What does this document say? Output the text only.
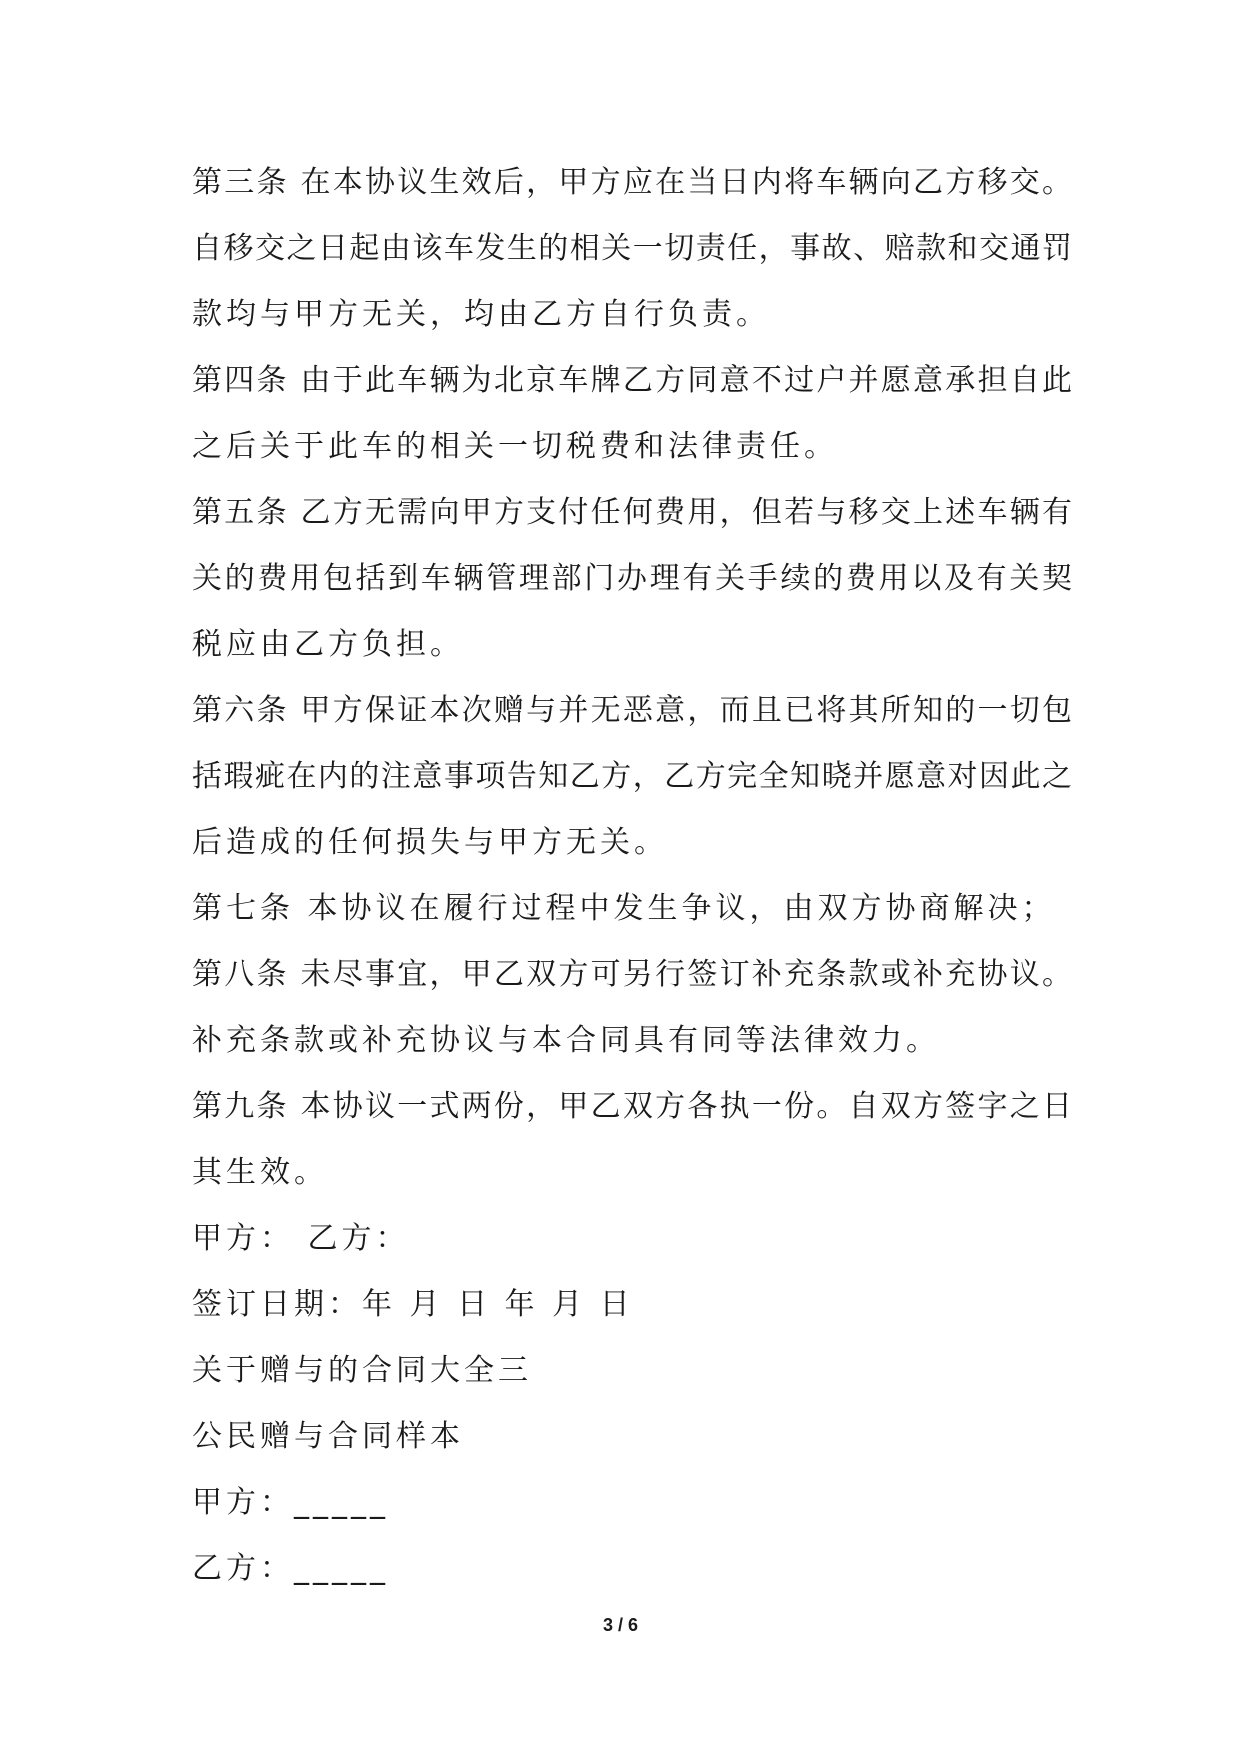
第三条 在本协议生效后，甲方应在当日内将车辆向乙方移交。
自移交之日起由该车发生的相关一切责任，事故、赔款和交通罚
款均与甲方无关，均由乙方自行负责。
第四条 由于此车辆为北京车牌乙方同意不过户并愿意承担自此
之后关于此车的相关一切税费和法律责任。
第五条 乙方无需向甲方支付任何费用，但若与移交上述车辆有
关的费用包括到车辆管理部门办理有关手续的费用以及有关契
税应由乙方负担。
第六条 甲方保证本次赠与并无恶意，而且已将其所知的一切包
括瑕疵在内的注意事项告知乙方，乙方完全知晓并愿意对因此之
后造成的任何损失与甲方无关。
第七条 本协议在履行过程中发生争议，由双方协商解决；
第八条 未尽事宜，甲乙双方可另行签订补充条款或补充协议。
补充条款或补充协议与本合同具有同等法律效力。
第九条 本协议一式两份，甲乙双方各执一份。自双方签字之日
其生效。
甲方： 乙方：
签订日期：年 月 日 年 月 日
关于赠与的合同大全三
公民赠与合同样本
甲方：_____
乙方：_____
3 / 6
